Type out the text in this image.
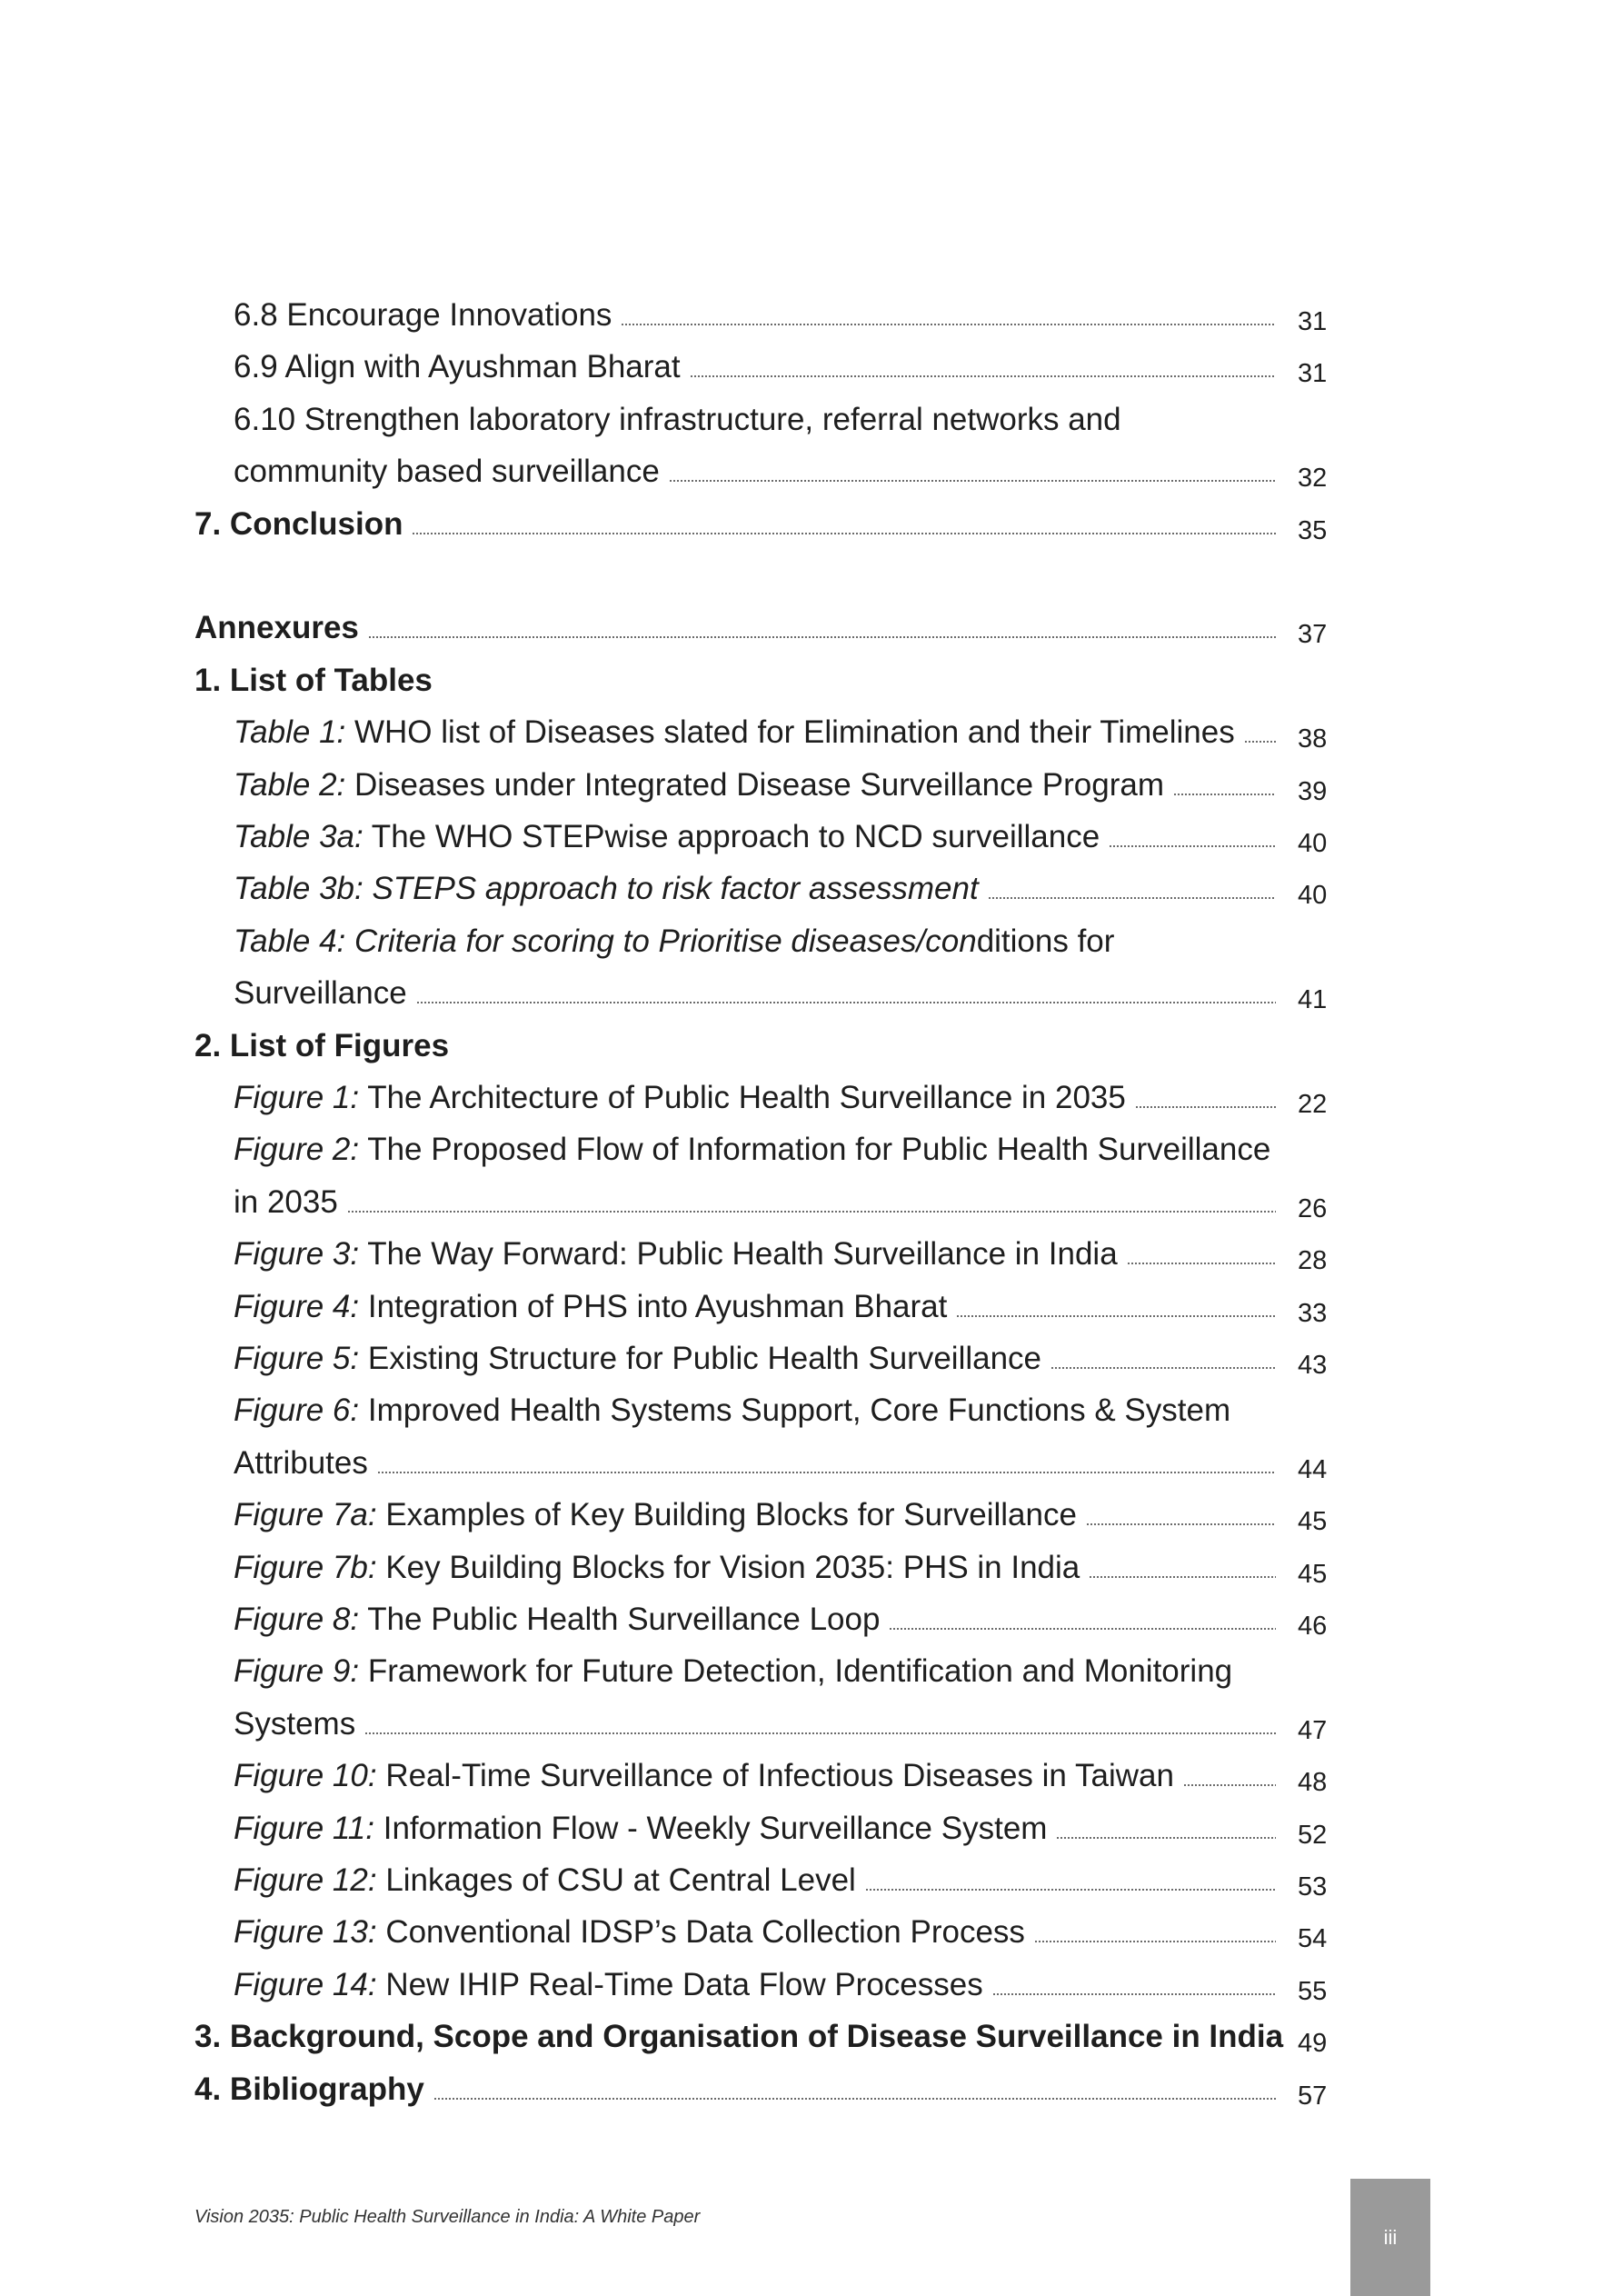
6.8 Encourage Innovations	31
6.9 Align with Ayushman Bharat	31
6.10 Strengthen laboratory infrastructure, referral networks and
community based surveillance	32
7. Conclusion	35
Annexures	37
1. List of Tables
Table 1: WHO list of Diseases slated for Elimination and their Timelines 38
Table 2: Diseases under Integrated Disease Surveillance Program	39
Table 3a: The WHO STEPwise approach to NCD surveillance	40
Table 3b: STEPS approach to risk factor assessment	40
Table 4: Criteria for scoring to Prioritise diseases/conditions for
Surveillance	41
2. List of Figures
Figure 1: The Architecture of Public Health Surveillance in 2035	22
Figure 2: The Proposed Flow of Information for Public Health Surveillance
in 2035	26
Figure 3: The Way Forward: Public Health Surveillance in India	28
Figure 4: Integration of PHS into Ayushman Bharat	33
Figure 5: Existing Structure for Public Health Surveillance	43
Figure 6: Improved Health Systems Support, Core Functions & System
Attributes	44
Figure 7a: Examples of Key Building Blocks for Surveillance	45
Figure 7b: Key Building Blocks for Vision 2035: PHS in India	45
Figure 8: The Public Health Surveillance Loop	46
Figure 9: Framework for Future Detection, Identification and Monitoring
Systems	47
Figure 10: Real-Time Surveillance of Infectious Diseases in Taiwan	48
Figure 11: Information Flow - Weekly Surveillance System	52
Figure 12: Linkages of CSU at Central Level	53
Figure 13: Conventional IDSP’s Data Collection Process	54
Figure 14: New IHIP Real-Time Data Flow Processes	55
3. Background, Scope and Organisation of Disease Surveillance in India 49
4. Bibliography	57
Vision 2035: Public Health Surveillance in India: A White Paper
iii
